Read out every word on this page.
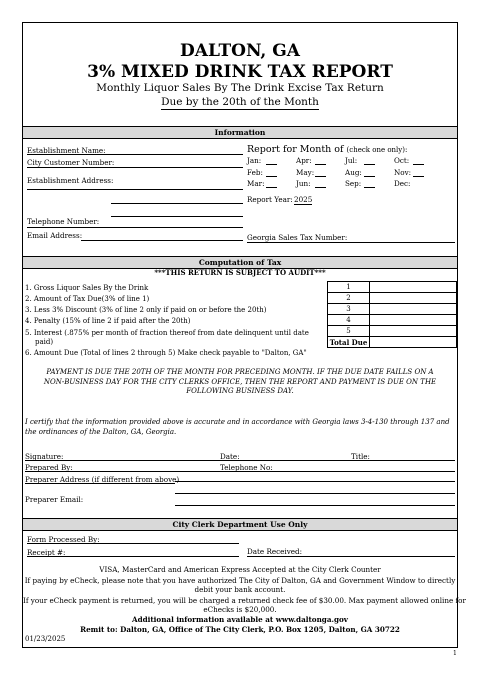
DALTON, GA
3% MIXED DRINK TAX REPORT
Monthly Liquor Sales By The Drink Excise Tax Return
Due by the 20th of the Month
Information
Establishment Name:
City Customer Number:
Establishment Address:
Telephone Number:
Email Address:
Report for Month of (check one only):
Jan:	Apr:	Jul:	Oct:
Feb:	May:	Aug:	Nov:
Mar:	Jun:	Sep:	Dec:
Report Year: 2025
Georgia Sales Tax Number:
Computation of Tax
***THIS RETURN IS SUBJECT TO AUDIT***
1. Gross Liquor Sales By the Drink
2. Amount of Tax Due(3% of line 1)
3. Less 3% Discount (3% of line 2 only if paid on or before the 20th)
4. Penalty (15% of line 2 if paid after the 20th)
5. Interest (.875% per month of fraction thereof from date delinquent until date
paid)
6. Amount Due (Total of lines 2 through 5) Make check payable to "Dalton, GA"
1	
2	
3	
4	
5	
Total Due	
PAYMENT IS DUE THE 20TH OF THE MONTH FOR PRECEDING MONTH. IF THE DUE DATE FAILLS ON A NON-BUSINESS DAY FOR THE CITY CLERKS OFFICE, THEN THE REPORT AND PAYMENT IS DUE ON THE FOLLOWING BUSINESS DAY.
I certify that the information provided above is accurate and in accordance with Georgia laws 3-4-130 through 137 and the ordinances of the Dalton, GA, Georgia.
Signature:	Date:	Title:
Prepared By:	Telephone No:
Preparer Address (if different from above)
Preparer Email:
City Clerk Department Use Only
Form Processed By:
Receipt #:	Date Received:
VISA, MasterCard and American Express Accepted at the City Clerk Counter
If paying by eCheck, please note that you have authorized The City of Dalton, GA and Government Window to directly
debit your bank account.
If your eCheck payment is returned, you will be charged a returned check fee of $30.00. Max payment allowed online for
eChecks is $20,000.
Additional information available at www.daltonga.gov
Remit to: Dalton, GA, Office of The City Clerk, P.O. Box 1205, Dalton, GA 30722
01/23/2025
1
